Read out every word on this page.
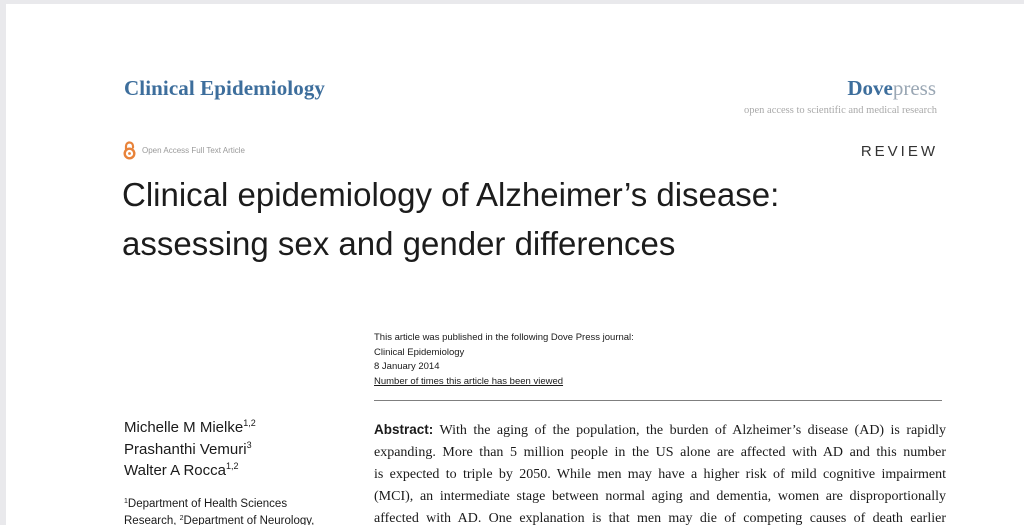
Clinical Epidemiology	Dovepress
open access to scientific and medical research
Open Access Full Text Article	REVIEW
Clinical epidemiology of Alzheimer’s disease:
assessing sex and gender differences
This article was published in the following Dove Press journal:
Clinical Epidemiology
8 January 2014
Number of times this article has been viewed
Michelle M Mielke$^{1,2}$
Prashanthi Vemuri$^3$
Walter A Rocca$^{1,2}$
$^1$Department of Health Sciences
Research, $^2$Department of Neurology,
Abstract: With the aging of the population, the burden of Alzheimer’s disease (AD) is rapidly
expanding. More than 5 million people in the US alone are affected with AD and this number
is expected to triple by 2050. While men may have a higher risk of mild cognitive impairment
(MCI), an intermediate stage between normal aging and dementia, women are disproportionally
affected with AD. One explanation is that men may die of competing causes of death earlier
